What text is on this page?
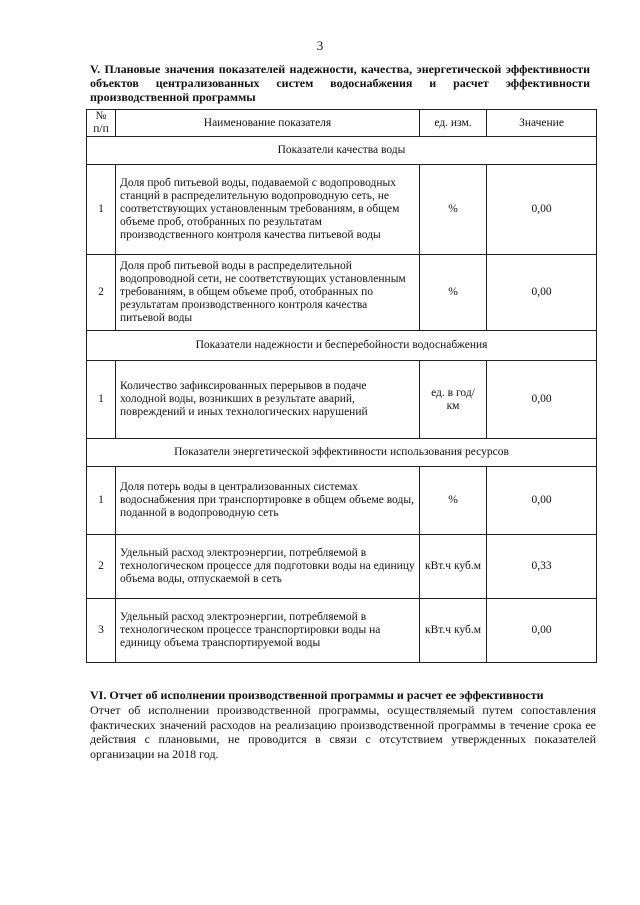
3
V. Плановые значения показателей надежности, качества, энергетической эффективности объектов централизованных систем водоснабжения и расчет эффективности производственной программы
№ п/п	Наименование показателя	ед. изм.	Значение
Показатели качества воды			
1	Доля проб питьевой воды, подаваемой с водопроводных станций в распределительную водопроводную сеть, не соответствующих установленным требованиям, в общем объеме проб, отобранных по результатам производственного контроля качества питьевой воды	%	0,00
2	Доля проб питьевой воды в распределительной водопроводной сети, не соответствующих установленным требованиям, в общем объеме проб, отобранных по результатам производственного контроля качества питьевой воды	%	0,00
Показатели надежности и бесперебойности водоснабжения			
1	Количество зафиксированных перерывов в подаче холодной воды, возникших в результате аварий, повреждений и иных технологических нарушений	ед. в год/ км	0,00
Показатели энергетической эффективности использования ресурсов			
1	Доля потерь воды в централизованных системах водоснабжения при транспортировке в общем объеме воды, поданной в водопроводную сеть	%	0,00
2	Удельный расход электроэнергии, потребляемой в технологическом процессе для подготовки воды на единицу объема воды, отпускаемой в сеть	кВт.ч куб.м	0,33
3	Удельный расход электроэнергии, потребляемой в технологическом процессе транспортировки воды на единицу объема транспортируемой воды	кВт.ч куб.м	0,00
VI. Отчет об исполнении производственной программы и расчет ее эффективности
Отчет об исполнении производственной программы, осуществляемый путем сопоставления фактических значений расходов на реализацию производственной программы в течение срока ее действия с плановыми, не проводится в связи с отсутствием утвержденных показателей организации на 2018 год.
